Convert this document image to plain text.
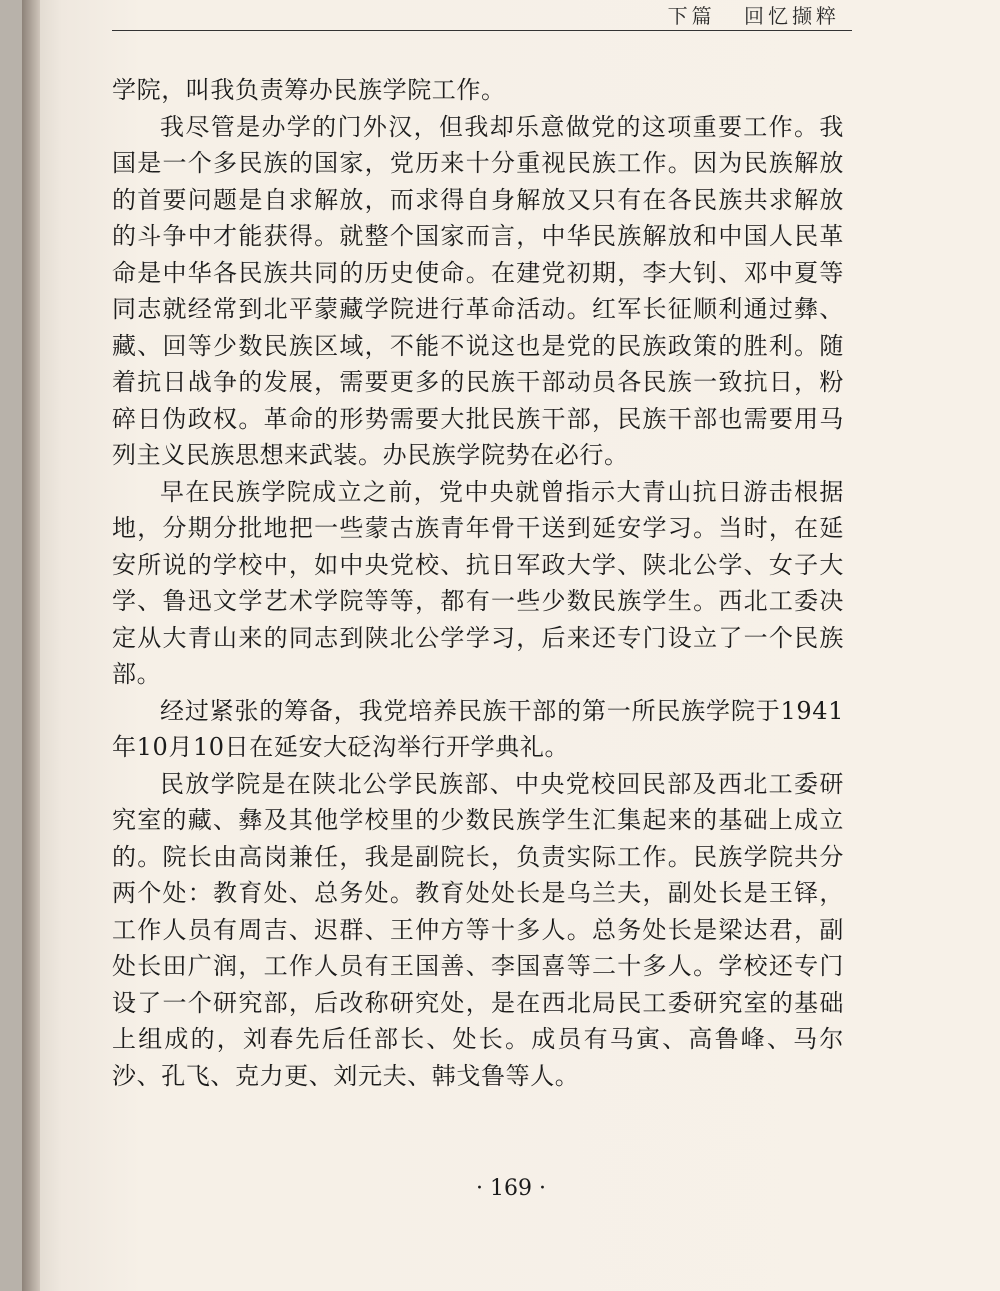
下篇 回忆撷粹

学院，叫我负责筹办民族学院工作。

我尽管是办学的门外汉，但我却乐意做党的这项重要工作。我国是一个多民族的国家，党历来十分重视民族工作。因为民族解放的首要问题是自求解放，而求得自身解放又只有在各民族共求解放的斗争中才能获得。就整个国家而言，中华民族解放和中国人民革命是中华各民族共同的历史使命。在建党初期，李大钊、邓中夏等同志就经常到北平蒙藏学院进行革命活动。红军长征顺利通过彝、藏、回等少数民族区域，不能不说这也是党的民族政策的胜利。随着抗日战争的发展，需要更多的民族干部动员各民族一致抗日，粉碎日伪政权。革命的形势需要大批民族干部，民族干部也需要用马列主义民族思想来武装。办民族学院势在必行。

早在民族学院成立之前，党中央就曾指示大青山抗日游击根据地，分期分批地把一些蒙古族青年骨干送到延安学习。当时，在延安所说的学校中，如中央党校、抗日军政大学、陕北公学、女子大学、鲁迅文学艺术学院等等，都有一些少数民族学生。西北工委决定从大青山来的同志到陕北公学学习，后来还专门设立了一个民族部。

经过紧张的筹备，我党培养民族干部的第一所民族学院于1941年10月10日在延安大砭沟举行开学典礼。

民放学院是在陕北公学民族部、中央党校回民部及西北工委研究室的藏、彝及其他学校里的少数民族学生汇集起来的基础上成立的。院长由高岗兼任，我是副院长，负责实际工作。民族学院共分两个处：教育处、总务处。教育处处长是乌兰夫，副处长是王铎，工作人员有周吉、迟群、王仲方等十多人。总务处长是梁达君，副处长田广润，工作人员有王国善、李国喜等二十多人。学校还专门设了一个研究部，后改称研究处，是在西北局民工委研究室的基础上组成的，刘春先后任部长、处长。成员有马寅、高鲁峰、马尔沙、孔飞、克力更、刘元夫、韩戈鲁等人。

· 169 ·
